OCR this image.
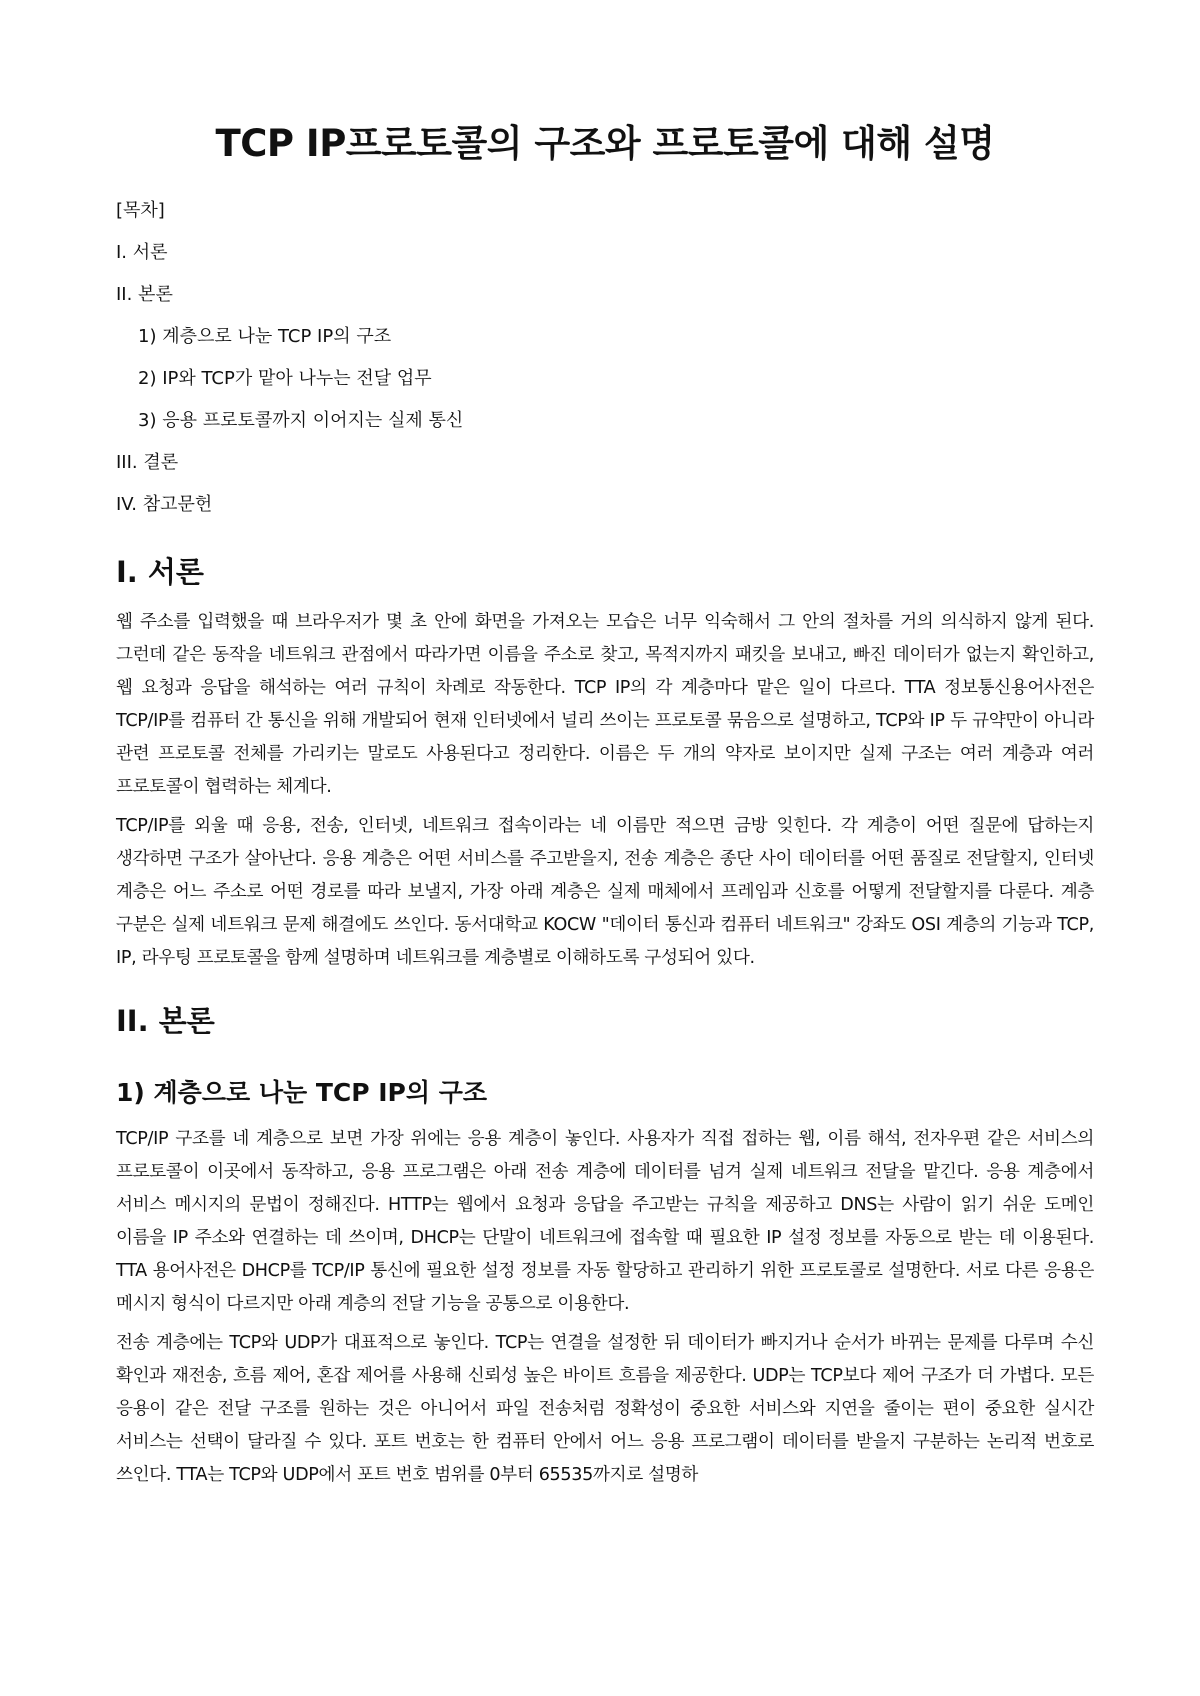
TCP IP프로토콜의 구조와 프로토콜에 대해 설명
[목차]
I. 서론
II. 본론
1) 계층으로 나눈 TCP IP의 구조
2) IP와 TCP가 맡아 나누는 전달 업무
3) 응용 프로토콜까지 이어지는 실제 통신
III. 결론
IV. 참고문헌
I. 서론

웹 주소를 입력했을 때 브라우저가 몇 초 안에 화면을 가져오는 모습은 너무 익숙해서 그 안의 절차를 거의 의식하지 않게 된다. 그런데 같은 동작을 네트워크 관점에서 따라가면 이름을 주소로 찾고, 목적지까지 패킷을 보내고, 빠진 데이터가 없는지 확인하고, 웹 요청과 응답을 해석하는 여러 규칙이 차례로 작동한다. TCP IP의 각 계층마다 맡은 일이 다르다. TTA 정보통신용어사전은 TCP/IP를 컴퓨터 간 통신을 위해 개발되어 현재 인터넷에서 널리 쓰이는 프로토콜 묶음으로 설명하고, TCP와 IP 두 규약만이 아니라 관련 프로토콜 전체를 가리키는 말로도 사용된다고 정리한다. 이름은 두 개의 약자로 보이지만 실제 구조는 여러 계층과 여러 프로토콜이 협력하는 체계다.

TCP/IP를 외울 때 응용, 전송, 인터넷, 네트워크 접속이라는 네 이름만 적으면 금방 잊힌다. 각 계층이 어떤 질문에 답하는지 생각하면 구조가 살아난다. 응용 계층은 어떤 서비스를 주고받을지, 전송 계층은 종단 사이 데이터를 어떤 품질로 전달할지, 인터넷 계층은 어느 주소로 어떤 경로를 따라 보낼지, 가장 아래 계층은 실제 매체에서 프레임과 신호를 어떻게 전달할지를 다룬다. 계층 구분은 실제 네트워크 문제 해결에도 쓰인다. 동서대학교 KOCW "데이터 통신과 컴퓨터 네트워크" 강좌도 OSI 계층의 기능과 TCP, IP, 라우팅 프로토콜을 함께 설명하며 네트워크를 계층별로 이해하도록 구성되어 있다.

II. 본론
1) 계층으로 나눈 TCP IP의 구조

TCP/IP 구조를 네 계층으로 보면 가장 위에는 응용 계층이 놓인다. 사용자가 직접 접하는 웹, 이름 해석, 전자우편 같은 서비스의 프로토콜이 이곳에서 동작하고, 응용 프로그램은 아래 전송 계층에 데이터를 넘겨 실제 네트워크 전달을 맡긴다. 응용 계층에서 서비스 메시지의 문법이 정해진다. HTTP는 웹에서 요청과 응답을 주고받는 규칙을 제공하고 DNS는 사람이 읽기 쉬운 도메인 이름을 IP 주소와 연결하는 데 쓰이며, DHCP는 단말이 네트워크에 접속할 때 필요한 IP 설정 정보를 자동으로 받는 데 이용된다. TTA 용어사전은 DHCP를 TCP/IP 통신에 필요한 설정 정보를 자동 할당하고 관리하기 위한 프로토콜로 설명한다. 서로 다른 응용은 메시지 형식이 다르지만 아래 계층의 전달 기능을 공통으로 이용한다.

전송 계층에는 TCP와 UDP가 대표적으로 놓인다. TCP는 연결을 설정한 뒤 데이터가 빠지거나 순서가 바뀌는 문제를 다루며 수신 확인과 재전송, 흐름 제어, 혼잡 제어를 사용해 신뢰성 높은 바이트 흐름을 제공한다. UDP는 TCP보다 제어 구조가 더 가볍다. 모든 응용이 같은 전달 구조를 원하는 것은 아니어서 파일 전송처럼 정확성이 중요한 서비스와 지연을 줄이는 편이 중요한 실시간 서비스는 선택이 달라질 수 있다. 포트 번호는 한 컴퓨터 안에서 어느 응용 프로그램이 데이터를 받을지 구분하는 논리적 번호로 쓰인다. TTA는 TCP와 UDP에서 포트 번호 범위를 0부터 65535까지로 설명하
